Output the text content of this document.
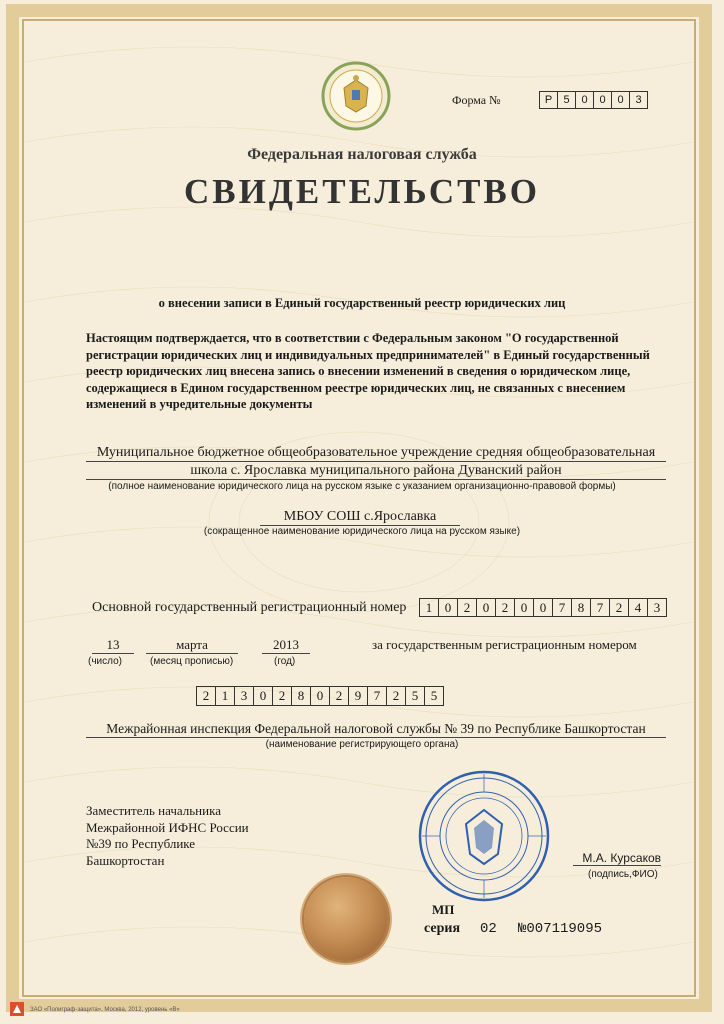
Форма №	Р	5	0	0	0	3
Федеральная налоговая служба
СВИДЕТЕЛЬСТВО
о внесении записи в Единый государственный реестр юридических лиц
Настоящим подтверждается, что в соответствии с Федеральным законом "О государственной регистрации юридических лиц и индивидуальных предпринимателей" в Единый государственный реестр юридических лиц внесена запись о внесении изменений в сведения о юридическом лице, содержащиеся в Едином государственном реестре юридических лиц, не связанных с внесением изменений в учредительные документы
Муниципальное бюджетное общеобразовательное учреждение средняя общеобразовательная
школа с. Ярославка муниципального района Дуванский район
(полное наименование юридического лица на русском языке с указанием организационно-правовой формы)
МБОУ СОШ с.Ярославка
(сокращенное наименование юридического лица на русском языке)
Основной государственный регистрационный номер	1 0 2 0 2 0 0 7 8 7 2 4 3
13	марта	2013
(число)	(месяц прописью)	(год)
за государственным регистрационным номером
2 1 3 0 2 8 0 2 9 7 2 5 5
Межрайонная инспекция Федеральной налоговой службы № 39 по Республике Башкортостан
(наименование регистрирующего органа)
Заместитель начальника
Межрайонной ИФНС России
№39 по Республике
Башкортостан	М.А. Курсаков
(подпись,ФИО)
МП
серия 02 №007119095
ЗАО «Полиграф-защита», Москва, 2012, уровень «В»
